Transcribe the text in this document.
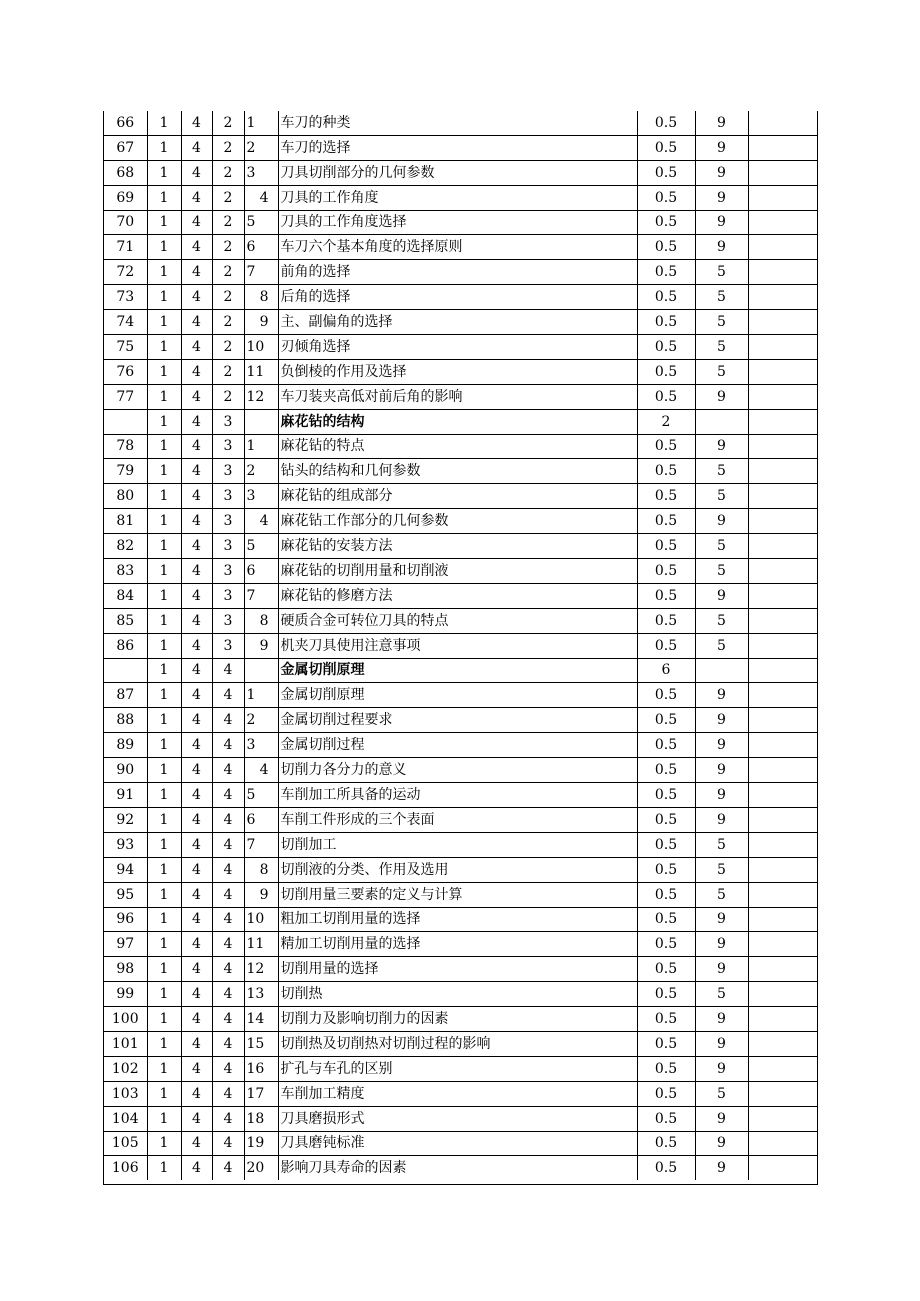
66	1	4	2	1	车刀的种类	0.5	9	
67	1	4	2	2	车刀的选择	0.5	9	
68	1	4	2	3	刀具切削部分的几何参数	0.5	9	
69	1	4	2	4	刀具的工作角度	0.5	9	
70	1	4	2	5	刀具的工作角度选择	0.5	9	
71	1	4	2	6	车刀六个基本角度的选择原则	0.5	9	
72	1	4	2	7	前角的选择	0.5	5	
73	1	4	2	8	后角的选择	0.5	5	
74	1	4	2	9	主、副偏角的选择	0.5	5	
75	1	4	2	10	刃倾角选择	0.5	5	
76	1	4	2	11	负倒棱的作用及选择	0.5	5	
77	1	4	2	12	车刀装夹高低对前后角的影响	0.5	9	
	1	4	3		麻花钻的结构	2		
78	1	4	3	1	麻花钻的特点	0.5	9	
79	1	4	3	2	钻头的结构和几何参数	0.5	5	
80	1	4	3	3	麻花钻的组成部分	0.5	5	
81	1	4	3	4	麻花钻工作部分的几何参数	0.5	9	
82	1	4	3	5	麻花钻的安装方法	0.5	5	
83	1	4	3	6	麻花钻的切削用量和切削液	0.5	5	
84	1	4	3	7	麻花钻的修磨方法	0.5	9	
85	1	4	3	8	硬质合金可转位刀具的特点	0.5	5	
86	1	4	3	9	机夹刀具使用注意事项	0.5	5	
	1	4	4		金属切削原理	6		
87	1	4	4	1	金属切削原理	0.5	9	
88	1	4	4	2	金属切削过程要求	0.5	9	
89	1	4	4	3	金属切削过程	0.5	9	
90	1	4	4	4	切削力各分力的意义	0.5	9	
91	1	4	4	5	车削加工所具备的运动	0.5	9	
92	1	4	4	6	车削工件形成的三个表面	0.5	9	
93	1	4	4	7	切削加工	0.5	5	
94	1	4	4	8	切削液的分类、作用及选用	0.5	5	
95	1	4	4	9	切削用量三要素的定义与计算	0.5	5	
96	1	4	4	10	粗加工切削用量的选择	0.5	9	
97	1	4	4	11	精加工切削用量的选择	0.5	9	
98	1	4	4	12	切削用量的选择	0.5	9	
99	1	4	4	13	切削热	0.5	5	
100	1	4	4	14	切削力及影响切削力的因素	0.5	9	
101	1	4	4	15	切削热及切削热对切削过程的影响	0.5	9	
102	1	4	4	16	扩孔与车孔的区别	0.5	9	
103	1	4	4	17	车削加工精度	0.5	5	
104	1	4	4	18	刀具磨损形式	0.5	9	
105	1	4	4	19	刀具磨钝标准	0.5	9	
106	1	4	4	20	影响刀具寿命的因素	0.5	9	
